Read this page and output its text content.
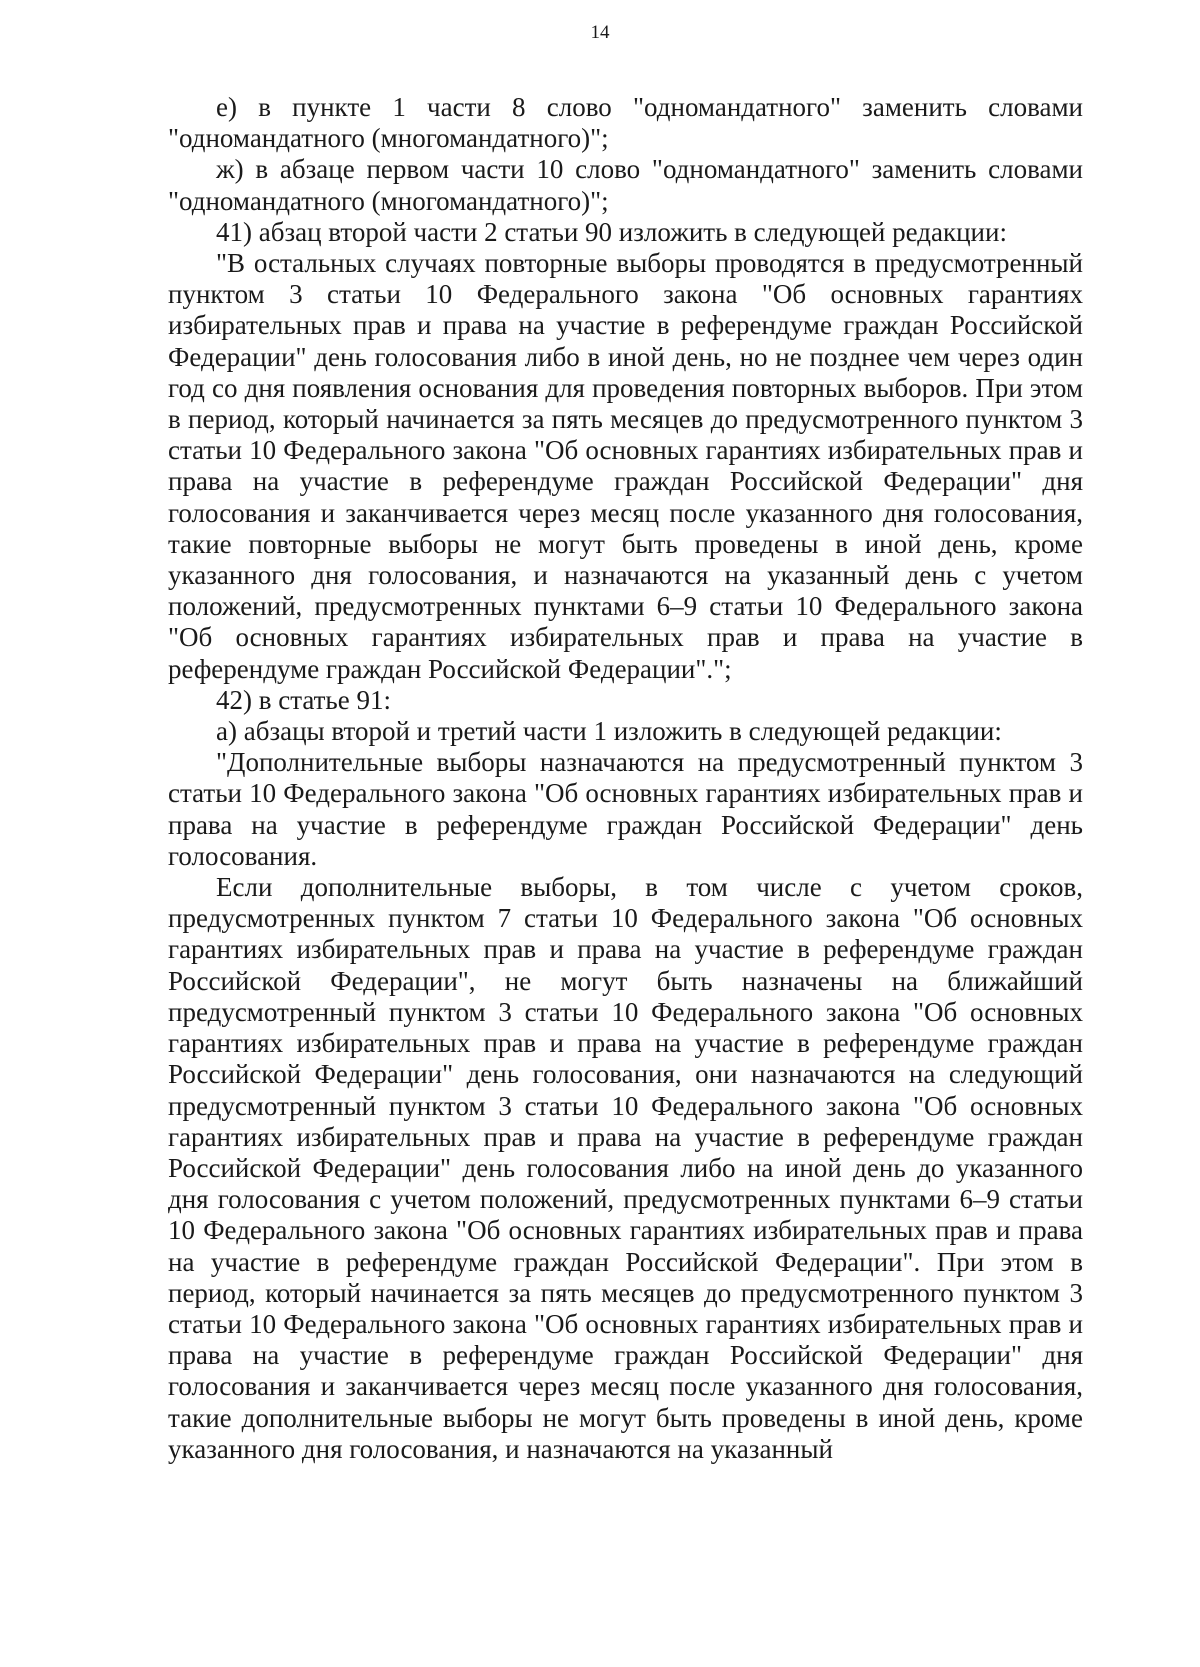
14

е) в пункте 1 части 8 слово "одномандатного" заменить словами "одномандатного (многомандатного)";

ж) в абзаце первом части 10 слово "одномандатного" заменить словами "одномандатного (многомандатного)";

41) абзац второй части 2 статьи 90 изложить в следующей редакции:

"В остальных случаях повторные выборы проводятся в предусмотренный пунктом 3 статьи 10 Федерального закона "Об основных гарантиях избирательных прав и права на участие в референдуме граждан Российской Федерации" день голосования либо в иной день, но не позднее чем через один год со дня появления основания для проведения повторных выборов. При этом в период, который начинается за пять месяцев до предусмотренного пунктом 3 статьи 10 Федерального закона "Об основных гарантиях избирательных прав и права на участие в референдуме граждан Российской Федерации" дня голосования и заканчивается через месяц после указанного дня голосования, такие повторные выборы не могут быть проведены в иной день, кроме указанного дня голосования, и назначаются на указанный день с учетом положений, предусмотренных пунктами 6–9 статьи 10 Федерального закона "Об основных гарантиях избирательных прав и права на участие в референдуме граждан Российской Федерации".";

42) в статье 91:

а) абзацы второй и третий части 1 изложить в следующей редакции:

"Дополнительные выборы назначаются на предусмотренный пунктом 3 статьи 10 Федерального закона "Об основных гарантиях избирательных прав и права на участие в референдуме граждан Российской Федерации" день голосования.

Если дополнительные выборы, в том числе с учетом сроков, предусмотренных пунктом 7 статьи 10 Федерального закона "Об основных гарантиях избирательных прав и права на участие в референдуме граждан Российской Федерации", не могут быть назначены на ближайший предусмотренный пунктом 3 статьи 10 Федерального закона "Об основных гарантиях избирательных прав и права на участие в референдуме граждан Российской Федерации" день голосования, они назначаются на следующий предусмотренный пунктом 3 статьи 10 Федерального закона "Об основных гарантиях избирательных прав и права на участие в референдуме граждан Российской Федерации" день голосования либо на иной день до указанного дня голосования с учетом положений, предусмотренных пунктами 6–9 статьи 10 Федерального закона "Об основных гарантиях избирательных прав и права на участие в референдуме граждан Российской Федерации". При этом в период, который начинается за пять месяцев до предусмотренного пунктом 3 статьи 10 Федерального закона "Об основных гарантиях избирательных прав и права на участие в референдуме граждан Российской Федерации" дня голосования и заканчивается через месяц после указанного дня голосования, такие дополнительные выборы не могут быть проведены в иной день, кроме указанного дня голосования, и назначаются на указанный
